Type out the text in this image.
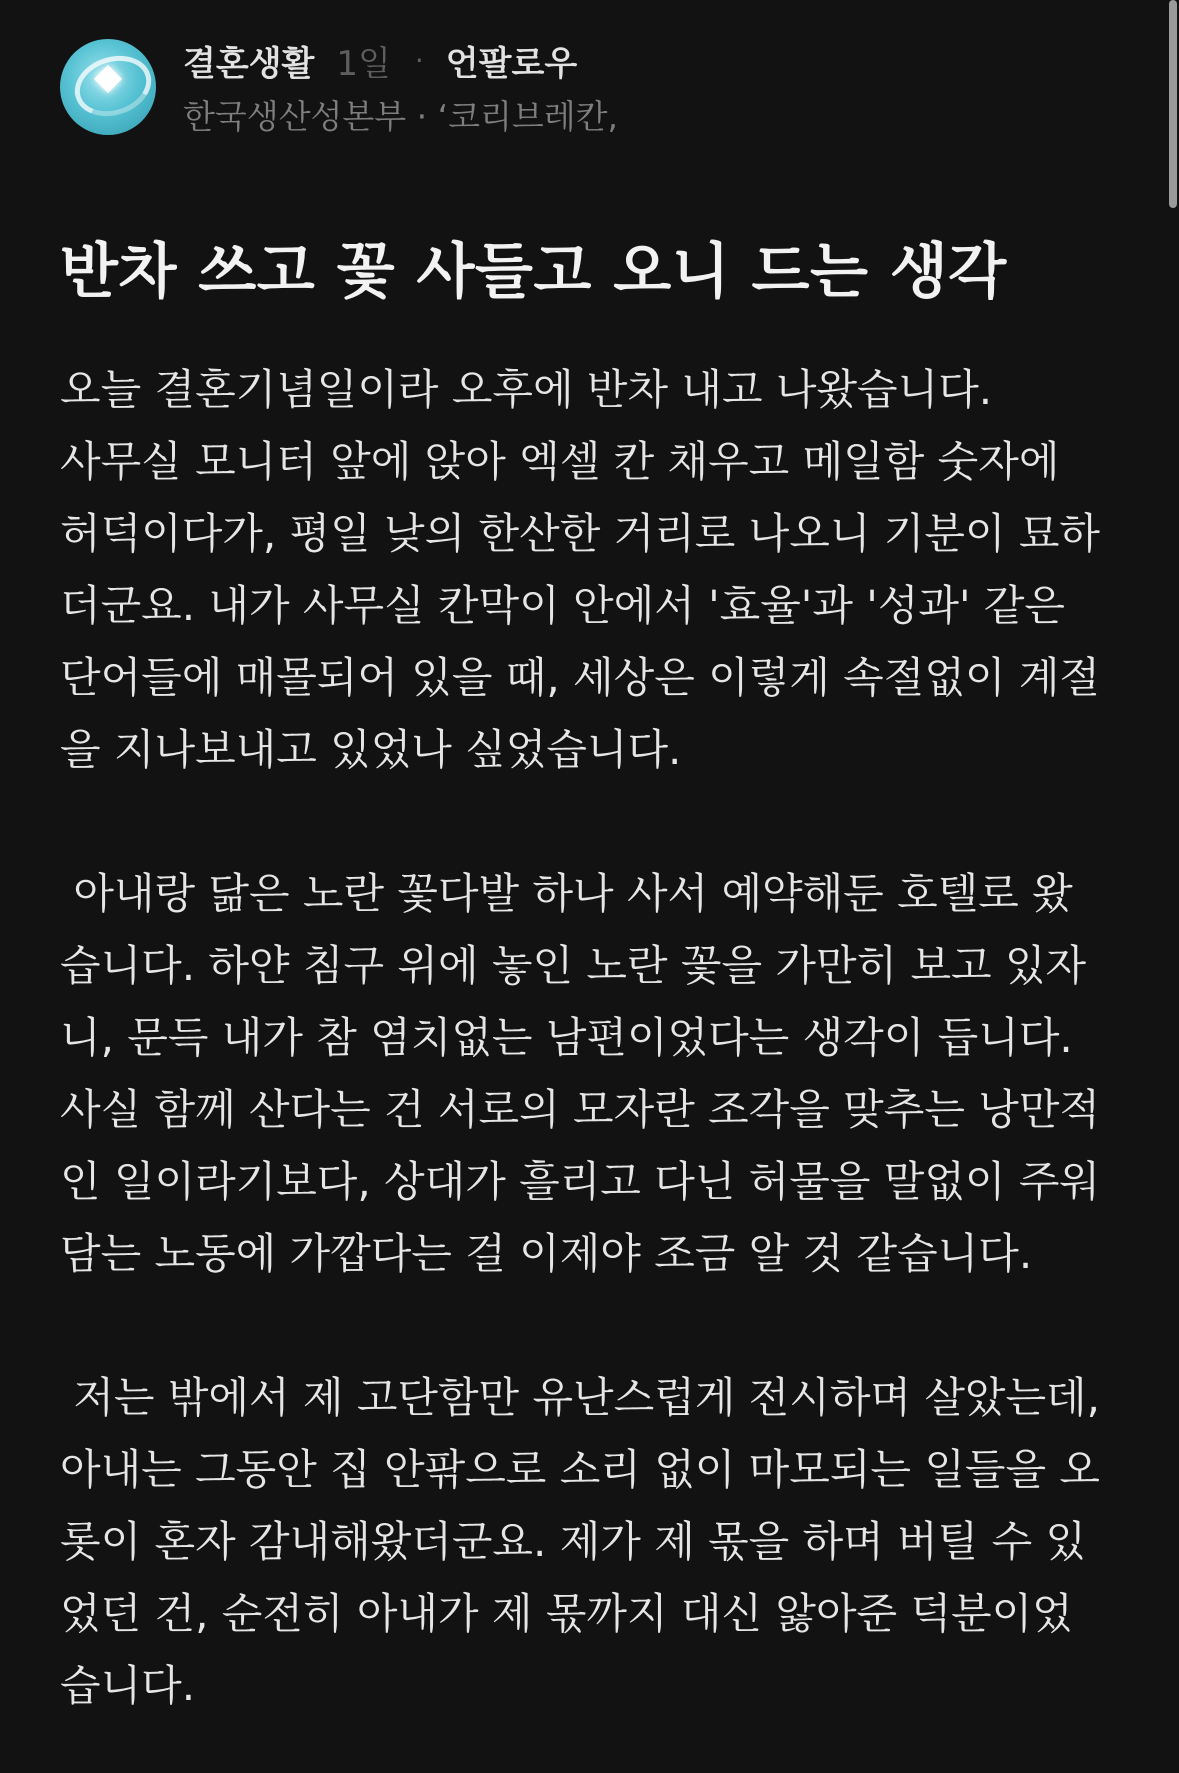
결혼생활 1일 · 언팔로우
한국생산성본부 · ‘코리브레칸,
반차 쓰고 꽃 사들고 오니 드는 생각
오늘 결혼기념일이라 오후에 반차 내고 나왔습니다.
사무실 모니터 앞에 앉아 엑셀 칸 채우고 메일함 숫자에
허덕이다가, 평일 낮의 한산한 거리로 나오니 기분이 묘하
더군요. 내가 사무실 칸막이 안에서 '효율'과 '성과' 같은
단어들에 매몰되어 있을 때, 세상은 이렇게 속절없이 계절
을 지나보내고 있었나 싶었습니다.
아내랑 닮은 노란 꽃다발 하나 사서 예약해둔 호텔로 왔
습니다. 하얀 침구 위에 놓인 노란 꽃을 가만히 보고 있자
니, 문득 내가 참 염치없는 남편이었다는 생각이 듭니다.
사실 함께 산다는 건 서로의 모자란 조각을 맞추는 낭만적
인 일이라기보다, 상대가 흘리고 다닌 허물을 말없이 주워
담는 노동에 가깝다는 걸 이제야 조금 알 것 같습니다.
저는 밖에서 제 고단함만 유난스럽게 전시하며 살았는데,
아내는 그동안 집 안팎으로 소리 없이 마모되는 일들을 오
롯이 혼자 감내해왔더군요. 제가 제 몫을 하며 버틸 수 있
었던 건, 순전히 아내가 제 몫까지 대신 앓아준 덕분이었
습니다.
